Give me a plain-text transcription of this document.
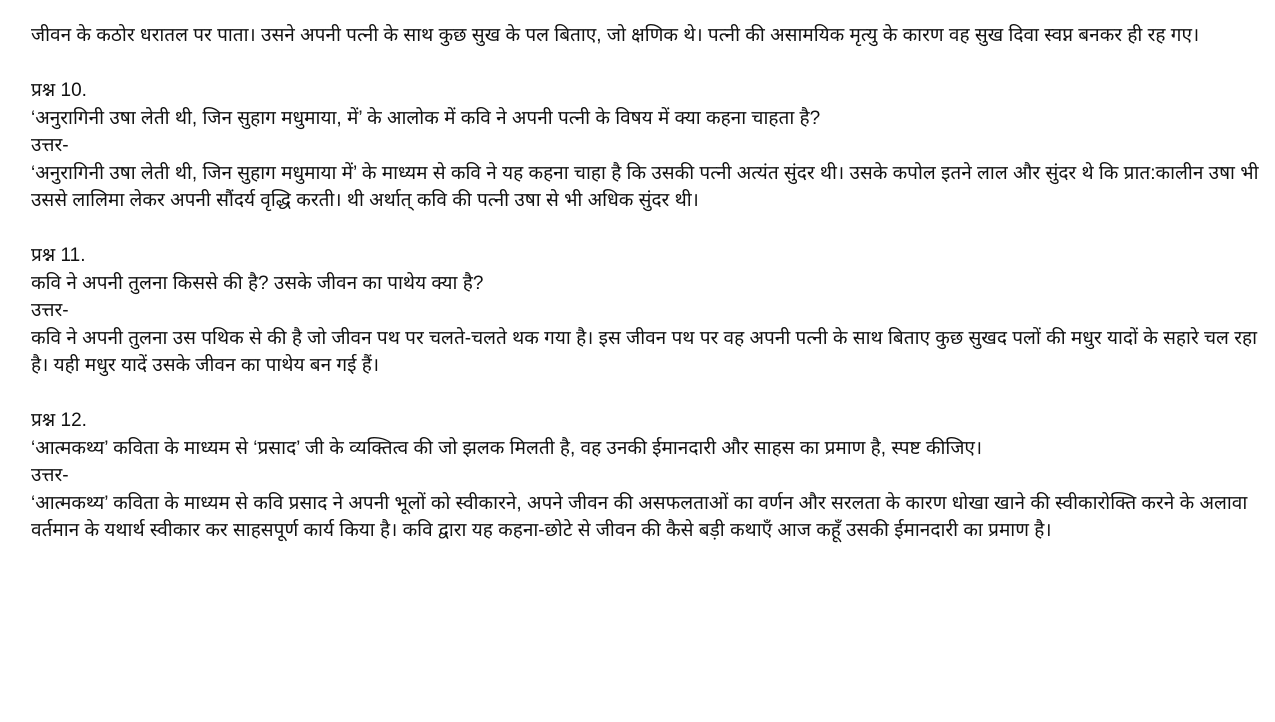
जीवन के कठोर धरातल पर पाता। उसने अपनी पत्नी के साथ कुछ सुख के पल बिताए, जो क्षणिक थे। पत्नी की असामयिक मृत्यु के कारण वह सुख दिवा स्वप्न बनकर ही रह गए।

प्रश्न 10.

‘अनुरागिनी उषा लेती थी, जिन सुहाग मधुमाया, में’ के आलोक में कवि ने अपनी पत्नी के विषय में क्या कहना चाहता है?

उत्तर-

‘अनुरागिनी उषा लेती थी, जिन सुहाग मधुमाया में’ के माध्यम से कवि ने यह कहना चाहा है कि उसकी पत्नी अत्यंत सुंदर थी। उसके कपोल इतने लाल और सुंदर थे कि प्रात:कालीन उषा भी उससे लालिमा लेकर अपनी सौंदर्य वृद्धि करती। थी अर्थात् कवि की पत्नी उषा से भी अधिक सुंदर थी।

प्रश्न 11.

कवि ने अपनी तुलना किससे की है? उसके जीवन का पाथेय क्या है?

उत्तर-

कवि ने अपनी तुलना उस पथिक से की है जो जीवन पथ पर चलते-चलते थक गया है। इस जीवन पथ पर वह अपनी पत्नी के साथ बिताए कुछ सुखद पलों की मधुर यादों के सहारे चल रहा है। यही मधुर यादें उसके जीवन का पाथेय बन गई हैं।

प्रश्न 12.

‘आत्मकथ्य’ कविता के माध्यम से ‘प्रसाद’ जी के व्यक्तित्व की जो झलक मिलती है, वह उनकी ईमानदारी और साहस का प्रमाण है, स्पष्ट कीजिए।

उत्तर-

‘आत्मकथ्य’ कविता के माध्यम से कवि प्रसाद ने अपनी भूलों को स्वीकारने, अपने जीवन की असफलताओं का वर्णन और सरलता के कारण धोखा खाने की स्वीकारोक्ति करने के अलावा वर्तमान के यथार्थ स्वीकार कर साहसपूर्ण कार्य किया है। कवि द्वारा यह कहना-छोटे से जीवन की कैसे बड़ी कथाएँ आज कहूँ उसकी ईमानदारी का प्रमाण है।
